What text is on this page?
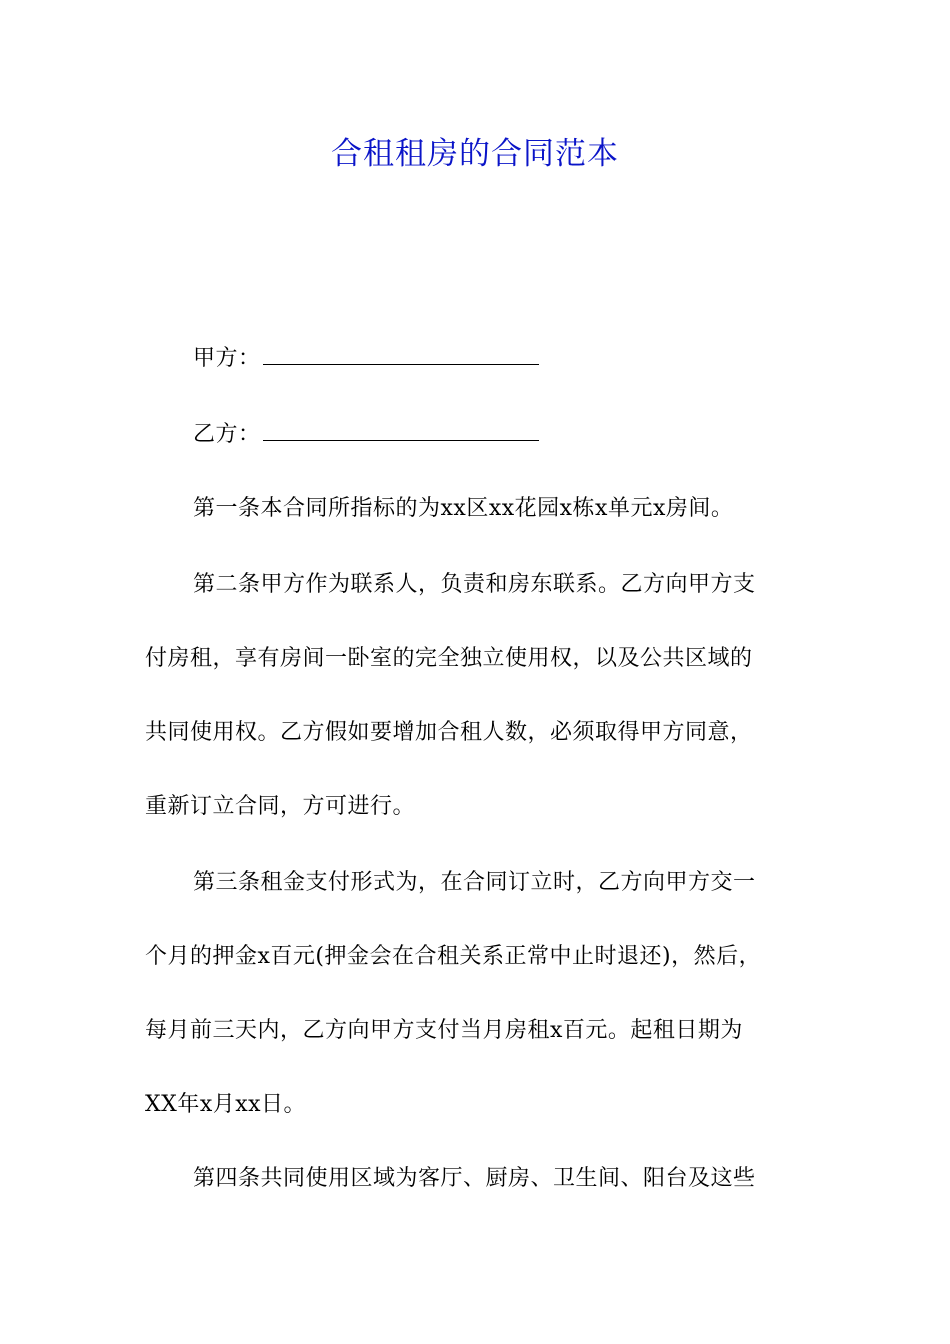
合租租房的合同范本
甲方：
乙方：
第一条本合同所指标的为xx区xx花园x栋x单元x房间。
第二条甲方作为联系人，负责和房东联系。乙方向甲方支
付房租，享有房间一卧室的完全独立使用权，以及公共区域的
共同使用权。乙方假如要增加合租人数，必须取得甲方同意，
重新订立合同，方可进行。
第三条租金支付形式为，在合同订立时，乙方向甲方交一
个月的押金x百元(押金会在合租关系正常中止时退还)，然后，
每月前三天内，乙方向甲方支付当月房租x百元。起租日期为
XX年x月xx日。
第四条共同使用区域为客厅、厨房、卫生间、阳台及这些
